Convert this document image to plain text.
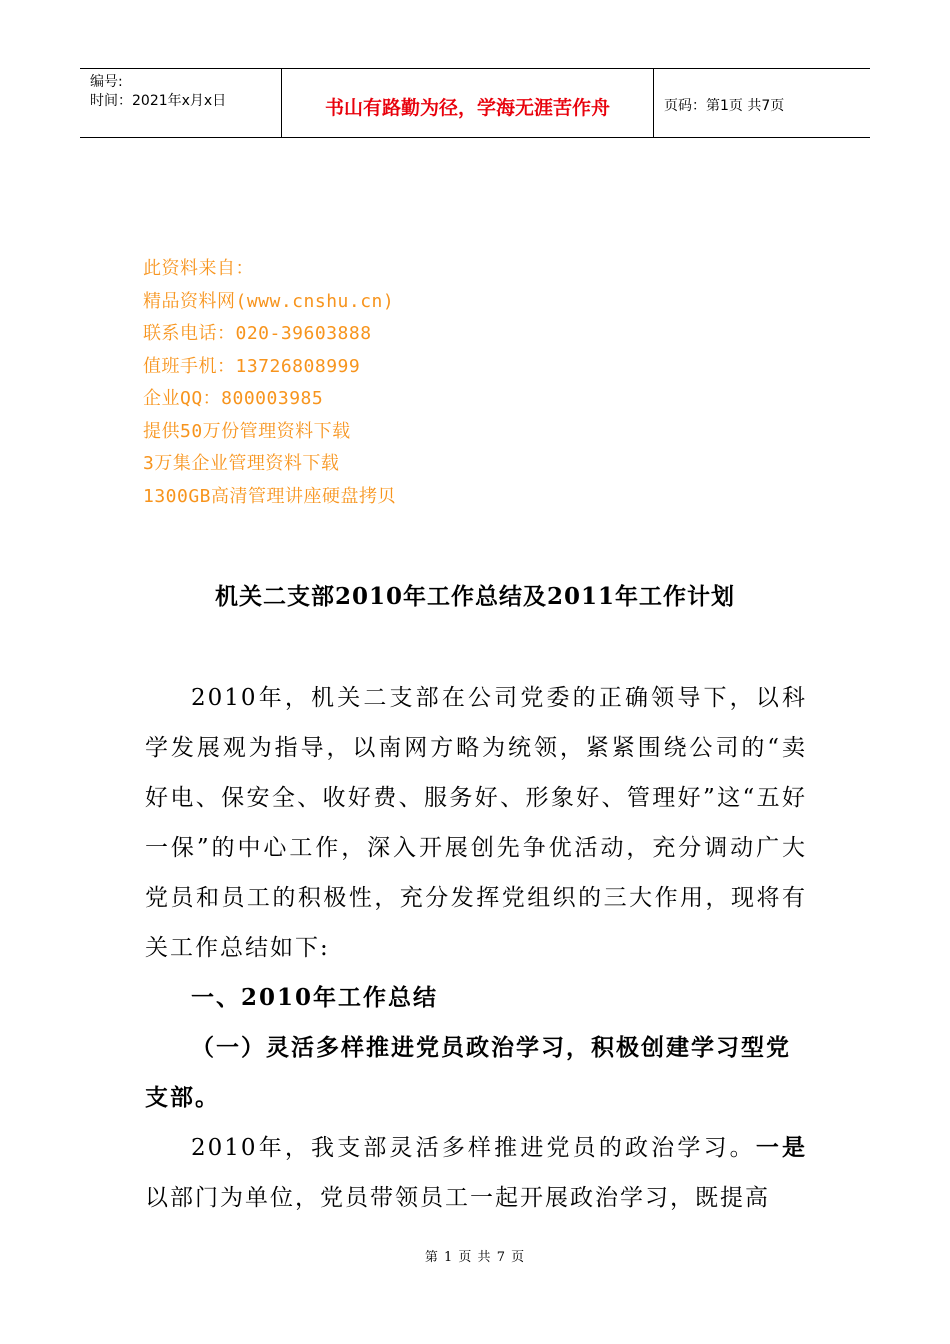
编号:
时间：2021年x月x日	书山有路勤为径，学海无涯苦作舟	页码：第1页 共7页
此资料来自：
精品资料网(www.cnshu.cn)
联系电话：020-39603888
值班手机：13726808999
企业QQ：800003985
提供50万份管理资料下载
3万集企业管理资料下载
1300GB高清管理讲座硬盘拷贝
机关二支部2010年工作总结及2011年工作计划

2010年，机关二支部在公司党委的正确领导下，以科学发展观为指导，以南网方略为统领，紧紧围绕公司的“卖好电、保安全、收好费、服务好、形象好、管理好”这“五好一保”的中心工作，深入开展创先争优活动，充分调动广大党员和员工的积极性，充分发挥党组织的三大作用，现将有关工作总结如下:

一、2010年工作总结

（一）灵活多样推进党员政治学习，积极创建学习型党支部。

2010年，我支部灵活多样推进党员的政治学习。一是以部门为单位，党员带领员工一起开展政治学习，既提高

第 1 页 共 7 页
